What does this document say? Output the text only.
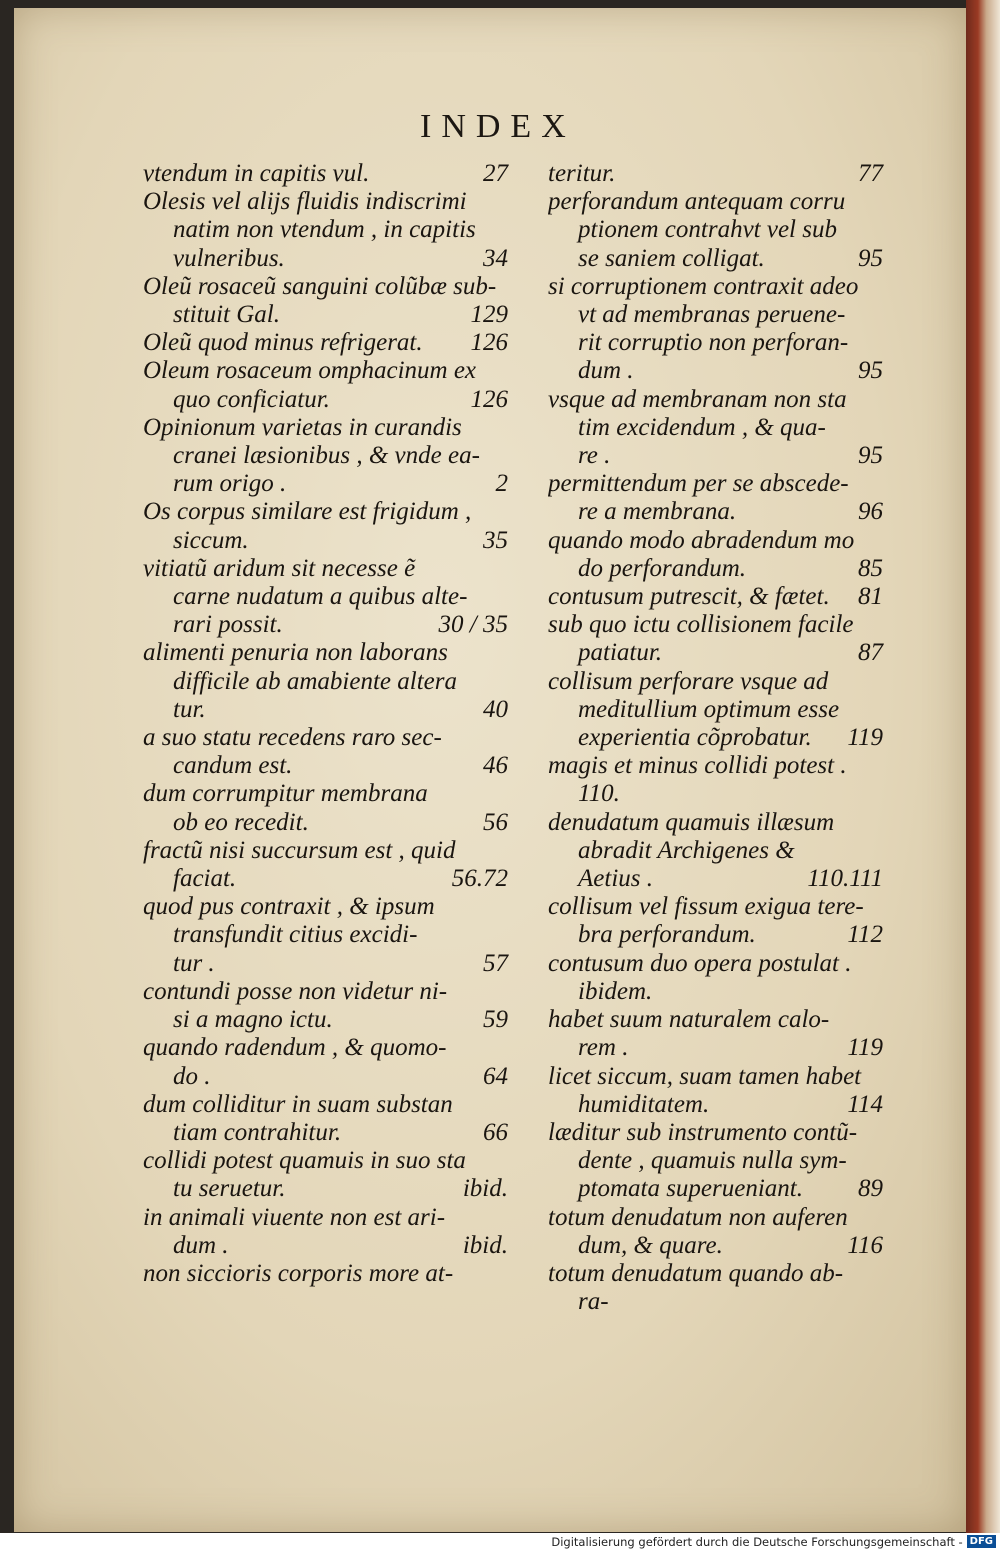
INDEX
vtendum in capitis vul.	27
Olesis vel alijs fluidis indiscrimi
natim non vtendum , in capitis
vulneribus.	34
Oleũ rosaceũ sanguini colũbæ sub-
stituit Gal.	129
Oleũ quod minus refrigerat.	126
Oleum rosaceum omphacinum ex
quo conficiatur.	126
Opinionum varietas in curandis
cranei læsionibus , & vnde ea-
rum origo .	2
Os corpus similare est frigidum ,
siccum.	35
vitiatũ aridum sit necesse ẽ
carne nudatum a quibus alte-
rari possit.	30 / 35
alimenti penuria non laborans
difficile ab amabiente altera
tur.	40
a suo statu recedens raro sec-
candum est.	46
dum corrumpitur membrana
ob eo recedit.	56
fractũ nisi succursum est , quid
faciat.	56.72
quod pus contraxit , & ipsum
transfundit citius excidi-
tur .	57
contundi posse non videtur ni-
si a magno ictu.	59
quando radendum , & quomo-
do .	64
dum colliditur in suam substan
tiam contrahitur.	66
collidi potest quamuis in suo sta
tu seruetur.	ibid.
in animali viuente non est ari-
dum .	ibid.
non siccioris corporis more at-
teritur.	77
perforandum antequam corru
ptionem contrahvt vel sub
se saniem colligat.	95
si corruptionem contraxit adeo
vt ad membranas peruene-
rit corruptio non perforan-
dum .	95
vsque ad membranam non sta
tim excidendum , & qua-
re .	95
permittendum per se abscede-
re a membrana.	96
quando modo abradendum mo
do perforandum.	85
contusum putrescit, & fætet.	81
sub quo ictu collisionem facile
patiatur.	87
collisum perforare vsque ad
meditullium optimum esse
experientia cõprobatur.	119
magis et minus collidi potest .
110.
denudatum quamuis illæsum
abradit Archigenes &
Aetius .	110.111
collisum vel fissum exigua tere-
bra perforandum.	112
contusum duo opera postulat .
ibidem.
habet suum naturalem calo-
rem .	119
licet siccum, suam tamen habet
humiditatem.	114
læditur sub instrumento contũ-
dente , quamuis nulla sym-
ptomata superueniant.	89
totum denudatum non auferen
dum, & quare.	116
totum denudatum quando ab-
ra-
Digitalisierung gefördert durch die Deutsche Forschungsgemeinschaft - DFG
